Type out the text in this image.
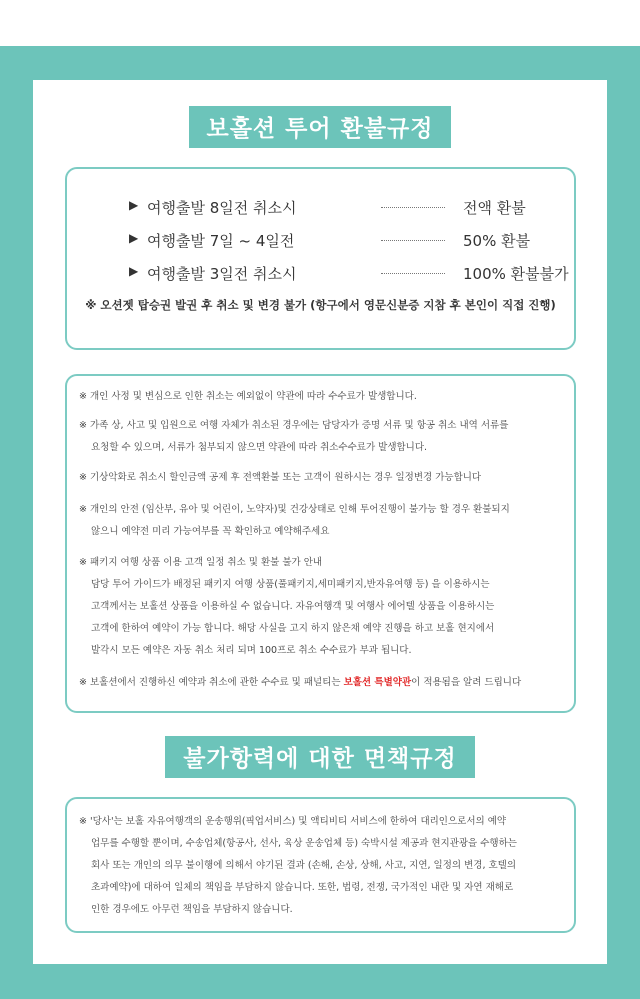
보홀션 투어 환불규정
▶ 여행출발 8일전 취소시	전액 환불
▶ 여행출발 7일 ~ 4일전	50% 환불
▶ 여행출발 3일전 취소시	100% 환불불가
※ 오션젯 탑승권 발권 후 취소 및 변경 불가 (항구에서 영문신분증 지참 후 본인이 직접 진행)
※ 개인 사정 및 변심으로 인한 취소는 예외없이 약관에 따라 수수료가 발생합니다.
※ 가족 상, 사고 및 입원으로 여행 자체가 취소된 경우에는 담당자가 증명 서류 및 항공 취소 내역 서류를
요청할 수 있으며, 서류가 첨부되지 않으면 약관에 따라 취소수수료가 발생합니다.
※ 기상악화로 취소시 할인금액 공제 후 전액환불 또는 고객이 원하시는 경우 일정변경 가능합니다
※ 개인의 안전 (임산부, 유아 및 어린이, 노약자)및 건강상태로 인해 투어진행이 불가능 할 경우 환불되지
않으니 예약전 미리 가능여부를 꼭 확인하고 예약해주세요
※ 패키지 여행 상품 이용 고객 일정 취소 및 환불 불가 안내
담당 투어 가이드가 배정된 패키지 여행 상품(풀패키지,세미패키지,반자유여행 등) 을 이용하시는
고객께서는 보홀션 상품을 이용하실 수 없습니다. 자유여행객 및 여행사 에어텔 상품을 이용하시는
고객에 한하여 예약이 가능 합니다. 해당 사실을 고지 하지 않은채 예약 진행을 하고 보홀 현지에서
발각시 모든 예약은 자동 취소 처리 되며 100프로 취소 수수료가 부과 됩니다.
※ 보홀션에서 진행하신 예약과 취소에 관한 수수료 및 패널티는 보홀션 특별약관이 적용됨을 알려 드립니다
불가항력에 대한 면책규정
※ '당사'는 보홀 자유여행객의 운송행위(픽업서비스) 및 액티비티 서비스에 한하여 대리인으로서의 예약
업무를 수행할 뿐이며, 수송업체(항공사, 선사, 육상 운송업체 등) 숙박시설 제공과 현지관광을 수행하는
회사 또는 개인의 의무 불이행에 의해서 야기된 결과 (손해, 손상, 상해, 사고, 지연, 일정의 변경, 호텔의
초과예약)에 대하여 일체의 책임을 부담하지 않습니다. 또한, 법령, 전쟁, 국가적인 내란 및 자연 재해로
인한 경우에도 아무런 책임을 부담하지 않습니다.
